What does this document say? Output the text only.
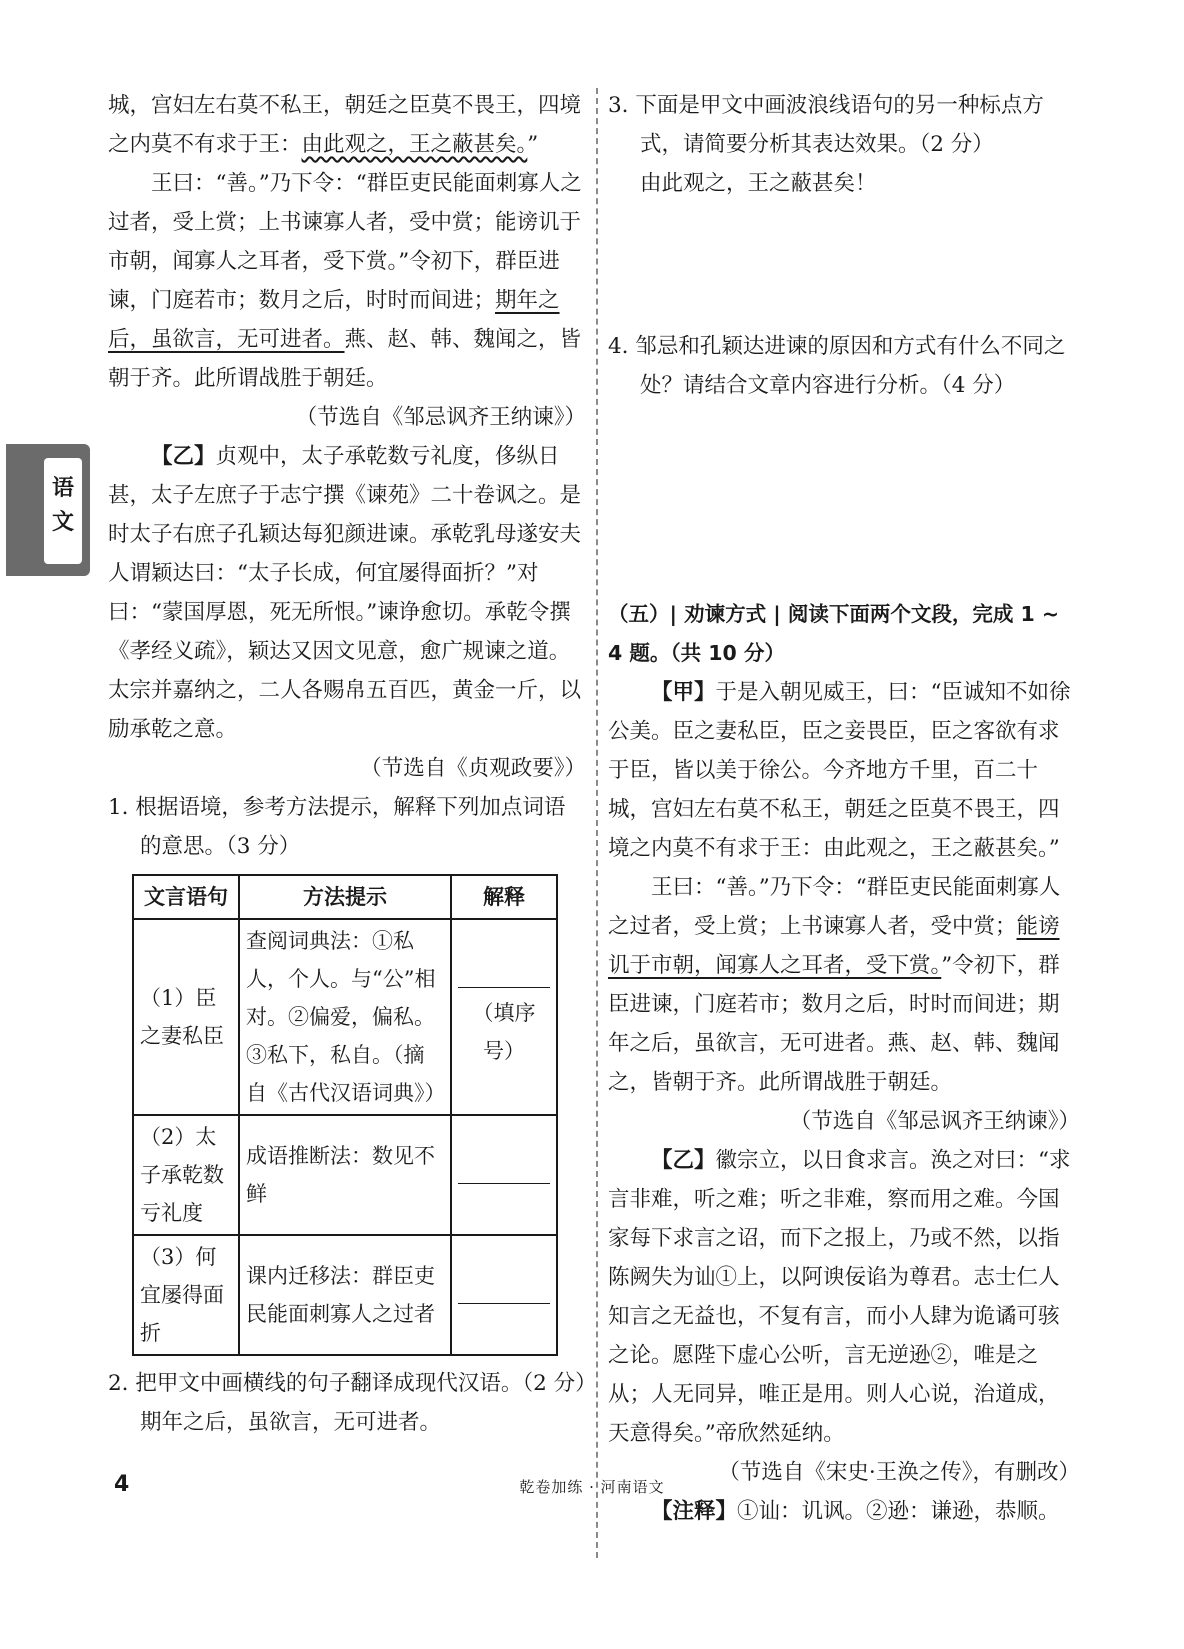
语
文

城，宫妇左右莫不私王，朝廷之臣莫不畏王，四境之内莫不有求于王：由此观之，王之蔽甚矣。”

王曰：“善。”乃下令：“群臣吏民能面刺寡人之过者，受上赏；上书谏寡人者，受中赏；能谤讥于市朝，闻寡人之耳者，受下赏。”令初下，群臣进谏，门庭若市；数月之后，时时而间进；期年之后，虽欲言，无可进者。燕、赵、韩、魏闻之，皆朝于齐。此所谓战胜于朝廷。

（节选自《邹忌讽齐王纳谏》）

【乙】贞观中，太子承乾数亏礼度，侈纵日甚，太子左庶子于志宁撰《谏苑》二十卷讽之。是时太子右庶子孔颖达每犯颜进谏。承乾乳母遂安夫人谓颖达曰：“太子长成，何宜屡得面折？”对曰：“蒙国厚恩，死无所恨。”谏诤愈切。承乾令撰《孝经义疏》，颖达又因文见意，愈广规谏之道。太宗并嘉纳之，二人各赐帛五百匹，黄金一斤，以励承乾之意。

（节选自《贞观政要》）

1. 根据语境，参考方法提示，解释下列加点词语的意思。（3 分）

文言语句	方法提示	解释
（1）臣之妻私臣	查阅词典法：①私人，个人。与“公”相对。②偏爱，偏私。③私下，私自。（摘自《古代汉语词典》）	（填序号）
（2）太子承乾数亏礼度	成语推断法：数见不鲜	

（3）何宜屡得面折	课内迁移法：群臣吏民能面刺寡人之过者	

2. 把甲文中画横线的句子翻译成现代汉语。（2 分）

期年之后，虽欲言，无可进者。

3. 下面是甲文中画波浪线语句的另一种标点方式，请简要分析其表达效果。（2 分）

由此观之，王之蔽甚矣！

4. 邹忌和孔颖达进谏的原因和方式有什么不同之处？请结合文章内容进行分析。（4 分）

（五）| 劝谏方式 | 阅读下面两个文段，完成 1 ~ 4 题。（共 10 分）

【甲】于是入朝见威王，曰：“臣诚知不如徐公美。臣之妻私臣，臣之妾畏臣，臣之客欲有求于臣，皆以美于徐公。今齐地方千里，百二十城，宫妇左右莫不私王，朝廷之臣莫不畏王，四境之内莫不有求于王：由此观之，王之蔽甚矣。”

王曰：“善。”乃下令：“群臣吏民能面刺寡人之过者，受上赏；上书谏寡人者，受中赏；能谤讥于市朝，闻寡人之耳者，受下赏。”令初下，群臣进谏，门庭若市；数月之后，时时而间进；期年之后，虽欲言，无可进者。燕、赵、韩、魏闻之，皆朝于齐。此所谓战胜于朝廷。

（节选自《邹忌讽齐王纳谏》）

【乙】徽宗立，以日食求言。涣之对曰：“求言非难，听之难；听之非难，察而用之难。今国家每下求言之诏，而下之报上，乃或不然，以指陈阙失为讪①上，以阿谀佞谄为尊君。志士仁人知言之无益也，不复有言，而小人肆为诡谲可骇之论。愿陛下虚心公听，言无逆逊②，唯是之从；人无同异，唯正是用。则人心说，治道成，天意得矣。”帝欣然延纳。

（节选自《宋史·王涣之传》，有删改）

【注释】①讪：讥讽。②逊：谦逊，恭顺。

4	乾卷加练 · 河南语文
